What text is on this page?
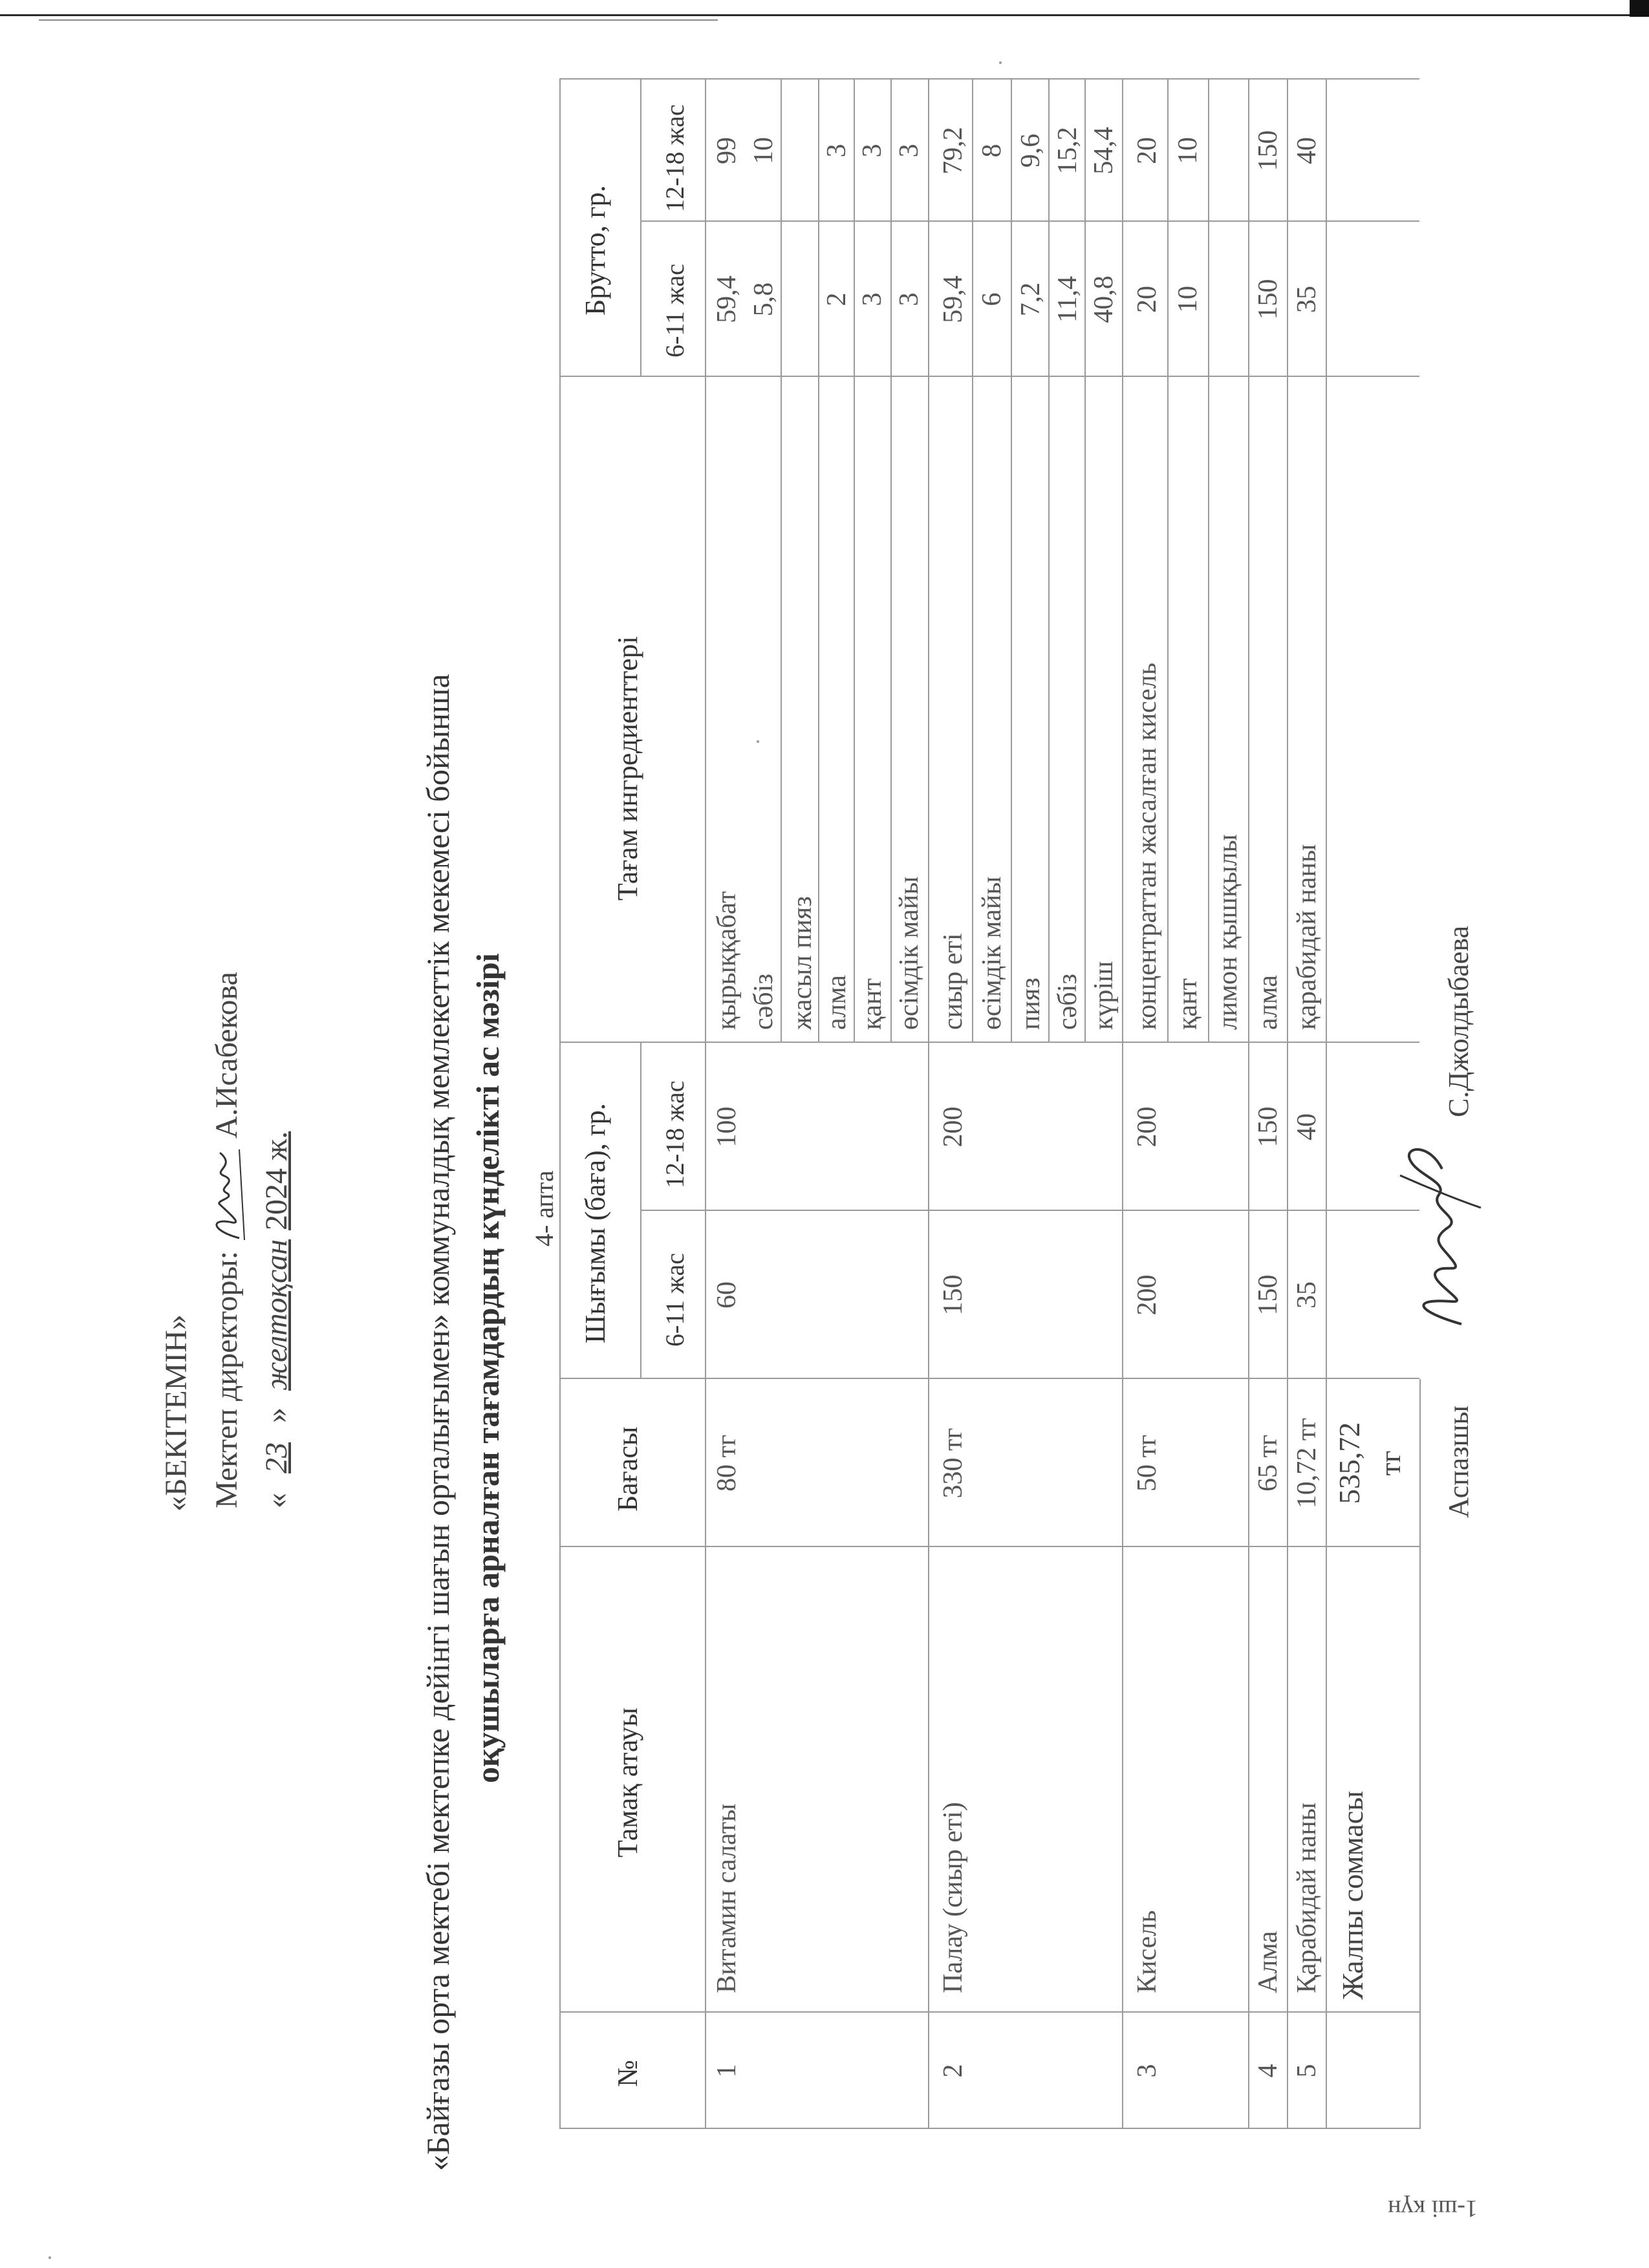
«БЕКІТЕМІН» Мектеп директоры:  А.Исабекова
« 23 » желтоқсан2024 ж.	«Байғазы орта мектебі мектепке дейінгі шағын орталығымен» коммуналдық мемлекеттік мекемесі бойынша оқушыларға арналған тағамдардың күнделікті ас мәзірі 4- апта
1-ші күн
№
Тамақ атауы
Бағасы
Шығымы (баға), гр. 6-11 жас
12-18 жас
Тағам ингредиенттері
Брутто, гр. 6-11 жас
12-18 жас
1
Витамин салаты
80 тг
60
100
қырыққабат
59,4
99
сәбіз
5,8
10
жасыл пияз алма
2
3
қант
3
3
өсімдік майы
3
3
2
Палау (сиыр еті)
330 тг
150
200
сиыр еті
59,4
79,2
өсімдік майы
6
8
пияз
7,2
9,6
сәбіз
11,4
15,2
күріш
40,8
54,4
3
Кисель
50 тг
200
200
концентраттан жасалған кисель
20
20
қант
10
10
лимон қышқылы
4
Алма
65 тг
150
150
алма
150
150
5
Қарабидай наны
10,72 тг
35
40
қарабидай наны
35
40
Жалпы соммасы
535,72 тг Аспазшы
С.Джолдыбаева
